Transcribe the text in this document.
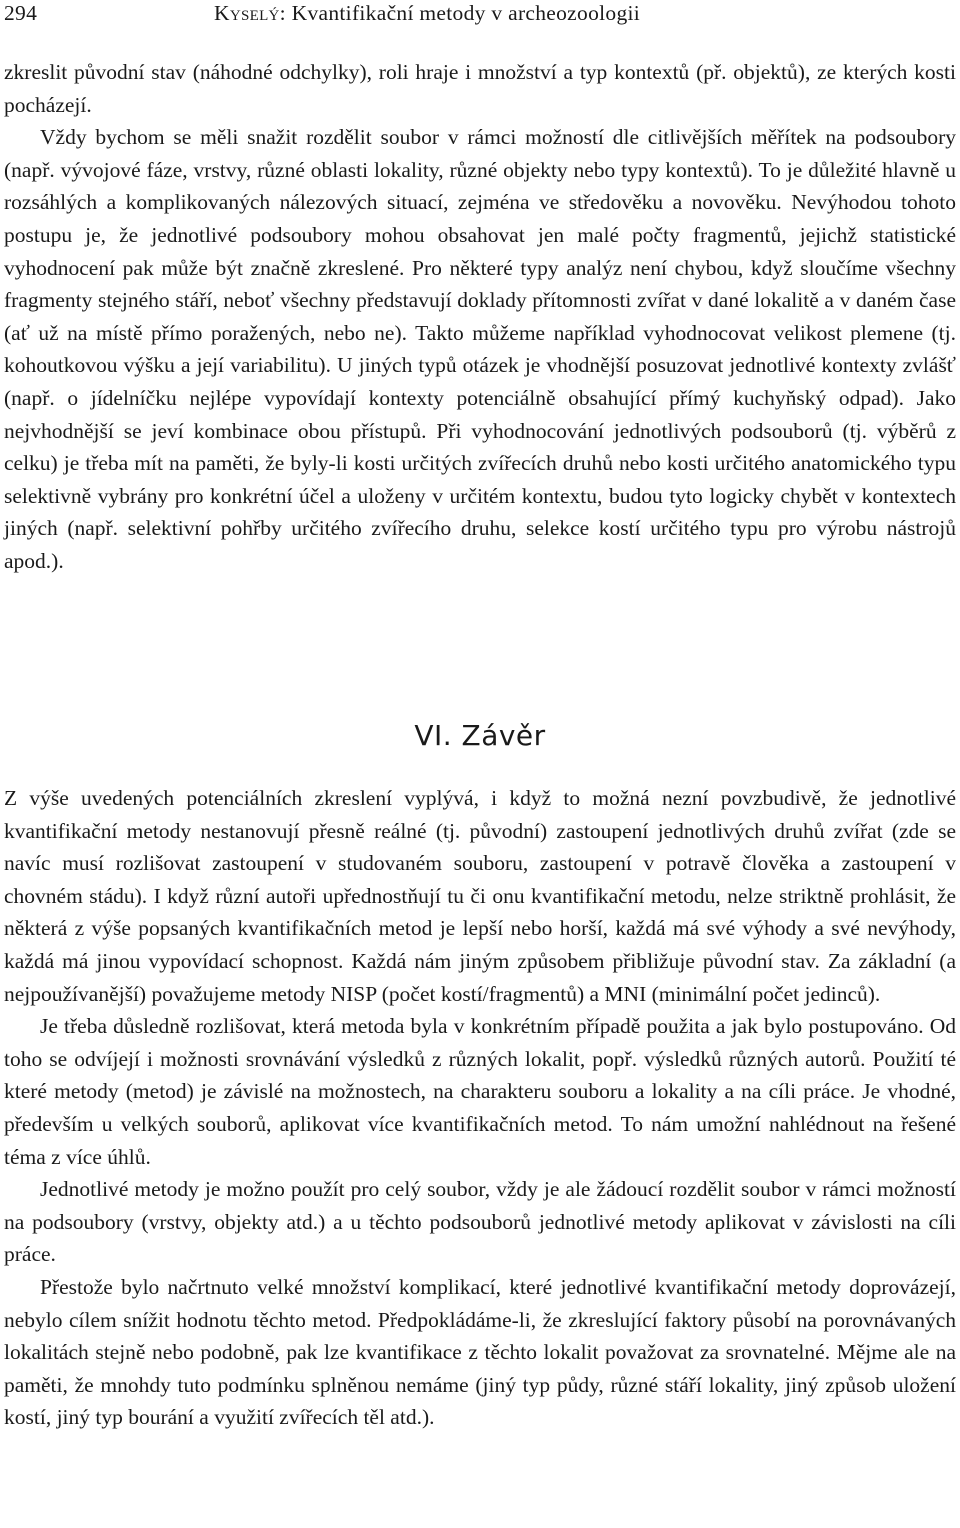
294	Kyselý: Kvantifikační metody v archeozoologii

zkreslit původní stav (náhodné odchylky), roli hraje i množství a typ kontextů (př. objektů), ze kterých kosti pocházejí.

Vždy bychom se měli snažit rozdělit soubor v rámci možností dle citlivějších měřítek na podsoubory (např. vývojové fáze, vrstvy, různé oblasti lokality, různé objekty nebo typy kontextů). To je důležité hlavně u rozsáhlých a komplikovaných nálezových situací, zejména ve středověku a novověku. Nevýhodou tohoto postupu je, že jednotlivé podsoubory mohou obsahovat jen malé počty fragmentů, jejichž statistické vyhodnocení pak může být značně zkreslené. Pro některé typy analýz není chybou, když sloučíme všechny fragmenty stejného stáří, neboť všechny představují doklady přítomnosti zvířat v dané lokalitě a v daném čase (ať už na místě přímo poražených, nebo ne). Takto můžeme například vyhodnocovat velikost plemene (tj. kohoutkovou výšku a její variabilitu). U jiných typů otázek je vhodnější posuzovat jednotlivé kontexty zvlášť (např. o jídelníčku nejlépe vypovídají kontexty potenciálně obsahující přímý kuchyňský odpad). Jako nejvhodnější se jeví kombinace obou přístupů. Při vyhodnocování jednotlivých podsouborů (tj. výběrů z celku) je třeba mít na paměti, že byly-li kosti určitých zvířecích druhů nebo kosti určitého anatomického typu selektivně vybrány pro konkrétní účel a uloženy v určitém kontextu, budou tyto logicky chybět v kontextech jiných (např. selektivní pohřby určitého zvířecího druhu, selekce kostí určitého typu pro výrobu nástrojů apod.).

VI. Závěr

Z výše uvedených potenciálních zkreslení vyplývá, i když to možná nezní povzbudivě, že jednotlivé kvantifikační metody nestanovují přesně reálné (tj. původní) zastoupení jednotlivých druhů zvířat (zde se navíc musí rozlišovat zastoupení v studovaném souboru, zastoupení v potravě člověka a zastoupení v chovném stádu). I když různí autoři upřednostňují tu či onu kvantifikační metodu, nelze striktně prohlásit, že některá z výše popsaných kvantifikačních metod je lepší nebo horší, každá má své výhody a své nevýhody, každá má jinou vypovídací schopnost. Každá nám jiným způsobem přibližuje původní stav. Za základní (a nejpoužívanější) považujeme metody NISP (počet kostí/fragmentů) a MNI (minimální počet jedinců).

Je třeba důsledně rozlišovat, která metoda byla v konkrétním případě použita a jak bylo postupováno. Od toho se odvíjejí i možnosti srovnávání výsledků z různých lokalit, popř. výsledků různých autorů. Použití té které metody (metod) je závislé na možnostech, na charakteru souboru a lokality a na cíli práce. Je vhodné, především u velkých souborů, aplikovat více kvantifikačních metod. To nám umožní nahlédnout na řešené téma z více úhlů.

Jednotlivé metody je možno použít pro celý soubor, vždy je ale žádoucí rozdělit soubor v rámci možností na podsoubory (vrstvy, objekty atd.) a u těchto podsouborů jednotlivé metody aplikovat v závislosti na cíli práce.

Přestože bylo načrtnuto velké množství komplikací, které jednotlivé kvantifikační metody doprovázejí, nebylo cílem snížit hodnotu těchto metod. Předpokládáme-li, že zkreslující faktory působí na porovnávaných lokalitách stejně nebo podobně, pak lze kvantifikace z těchto lokalit považovat za srovnatelné. Mějme ale na paměti, že mnohdy tuto podmínku splněnou nemáme (jiný typ půdy, různé stáří lokality, jiný způsob uložení kostí, jiný typ bourání a využití zvířecích těl atd.).
